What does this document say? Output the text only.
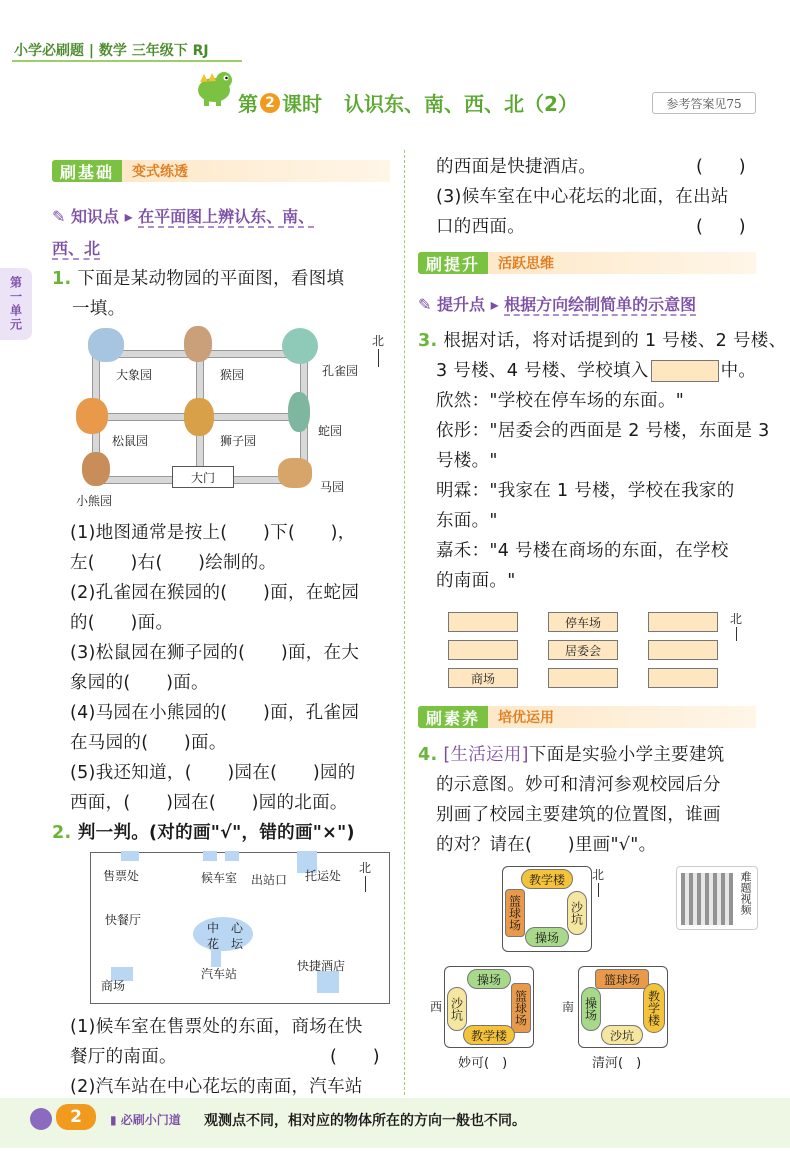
小学必刷题 | 数学 三年级下 RJ
第 2 课时 认识东、南、西、北（2）	参考答案见75
第一单元
刷基础	变式练透
✎ 知识点 ▸ 在平面图上辨认东、南、
西、北
1. 下面是某动物园的平面图，看图填
一填。
大象园	猴园	孔雀园
松鼠园	狮子园
蛇园
小熊园
大门
马园
北
(1)地图通常是按上(　　)下(　　)，
左(　　)右(　　)绘制的。
(2)孔雀园在猴园的(　　)面，在蛇园
的(　　)面。
(3)松鼠园在狮子园的(　　)面，在大
象园的(　　)面。
(4)马园在小熊园的(　　)面，孔雀园
在马园的(　　)面。
(5)我还知道，(　　)园在(　　)园的
西面，(　　)园在(　　)园的北面。
2. 判一判。(对的画"√"，错的画"×")
售票处	候车室 出站口 托运处
快餐厅
中　心
花　坛
汽车站
快捷酒店
商场
北
(1)候车室在售票处的东面，商场在快
餐厅的南面。	(　　)
(2)汽车站在中心花坛的南面，汽车站
的西面是快捷酒店。	(　　)
(3)候车室在中心花坛的北面，在出站
口的西面。	(　　)
刷提升	活跃思维
✎ 提升点 ▸ 根据方向绘制简单的示意图
3. 根据对话，将对话提到的 1 号楼、2 号楼、
3 号楼、4 号楼、学校填入	中。
欣然："学校在停车场的东面。"
依彤："居委会的西面是 2 号楼，东面是 3
号楼。"
明霖："我家在 1 号楼，学校在我家的
东面。"
嘉禾："4 号楼在商场的东面，在学校
的南面。"
停车场
居委会
商场
北
刷素养	培优运用
4. [生活运用]下面是实验小学主要建筑
的示意图。妙可和清河参观校园后分
别画了校园主要建筑的位置图，谁画
的对？请在(　　)里画"√"。
教学楼
篮球场	沙坑
操场
北	难题视频
操场
沙坑	篮球场
教学楼
西
妙可(　)
篮球场
操场	教学楼
沙坑
南
清河(　)
2	▮ 必刷小门道 观测点不同，相对应的物体所在的方向一般也不同。
